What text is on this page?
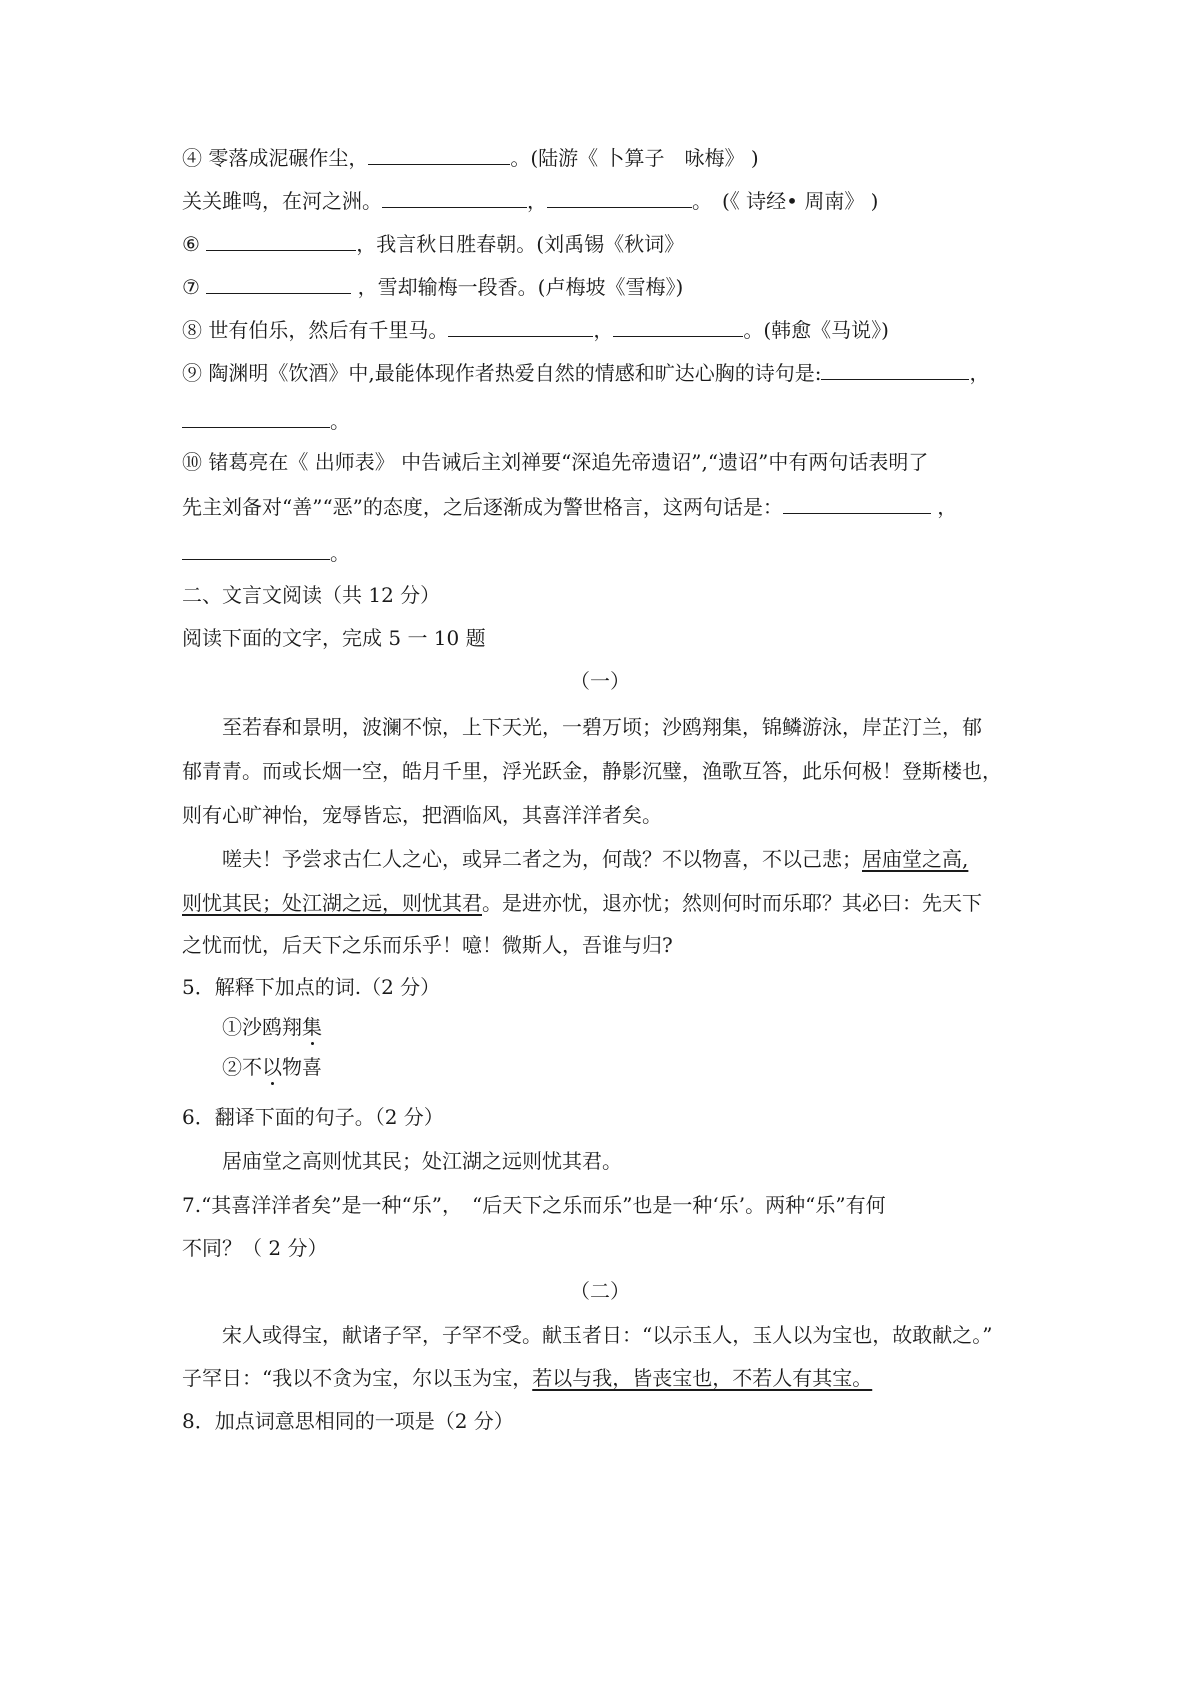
④ 零落成泥碾作尘，	。(陆游《 卜算子　咏梅》 )
关关雎鸣，在河之洲。	，	。　(《 诗经• 周南》 )
⑥	，我言秋日胜春朝。(刘禹锡《秋词》
⑦	，雪却输梅一段香。(卢梅坡《雪梅》)
⑧ 世有伯乐，然后有千里马。	，	。(韩愈《马说》)
⑨ 陶渊明《饮酒》中,最能体现作者热爱自然的情感和旷达心胸的诗句是:	，
。
⑩ 锗葛亮在《 出师表》 中告诫后主刘禅要“深追先帝遗诏”,“遗诏”中有两句话表明了
先主刘备对“善”“恶”的态度，之后逐渐成为警世格言，这两句话是：	，
。
二、文言文阅读（共 12 分）
阅读下面的文字，完成 5 一 10 题
（一）
至若春和景明，波澜不惊，上下天光，一碧万顷；沙鸥翔集，锦鳞游泳，岸芷汀兰，郁
郁青青。而或长烟一空，皓月千里，浮光跃金，静影沉璧，渔歌互答，此乐何极！登斯楼也，
则有心旷神怡，宠辱皆忘，把酒临风，其喜洋洋者矣。
嗟夫！予尝求古仁人之心，或异二者之为，何哉？不以物喜，不以己悲；居庙堂之高,
则忧其民；处江湖之远，则忧其君。是进亦忧，退亦忧；然则何时而乐耶？其必曰：先天下
之忧而忧，后天下之乐而乐乎！噫！微斯人，吾谁与归?
5．解释下加点的词.（2 分）
①沙鸥翔集
②不以物喜
6．翻译下面的句子。（2 分）
居庙堂之高则忧其民；处江湖之远则忧其君。
7.“其喜洋洋者矣”是一种“乐”，　“后天下之乐而乐”也是一种‘乐’。两种“乐”有何
不同？（ 2 分）
（二）
宋人或得宝，献诸子罕，子罕不受。献玉者日：“以示玉人，玉人以为宝也，故敢献之。”
子罕日：“我以不贪为宝，尔以玉为宝，若以与我，皆丧宝也，不若人有其宝。
8．加点词意思相同的一项是（2 分）
